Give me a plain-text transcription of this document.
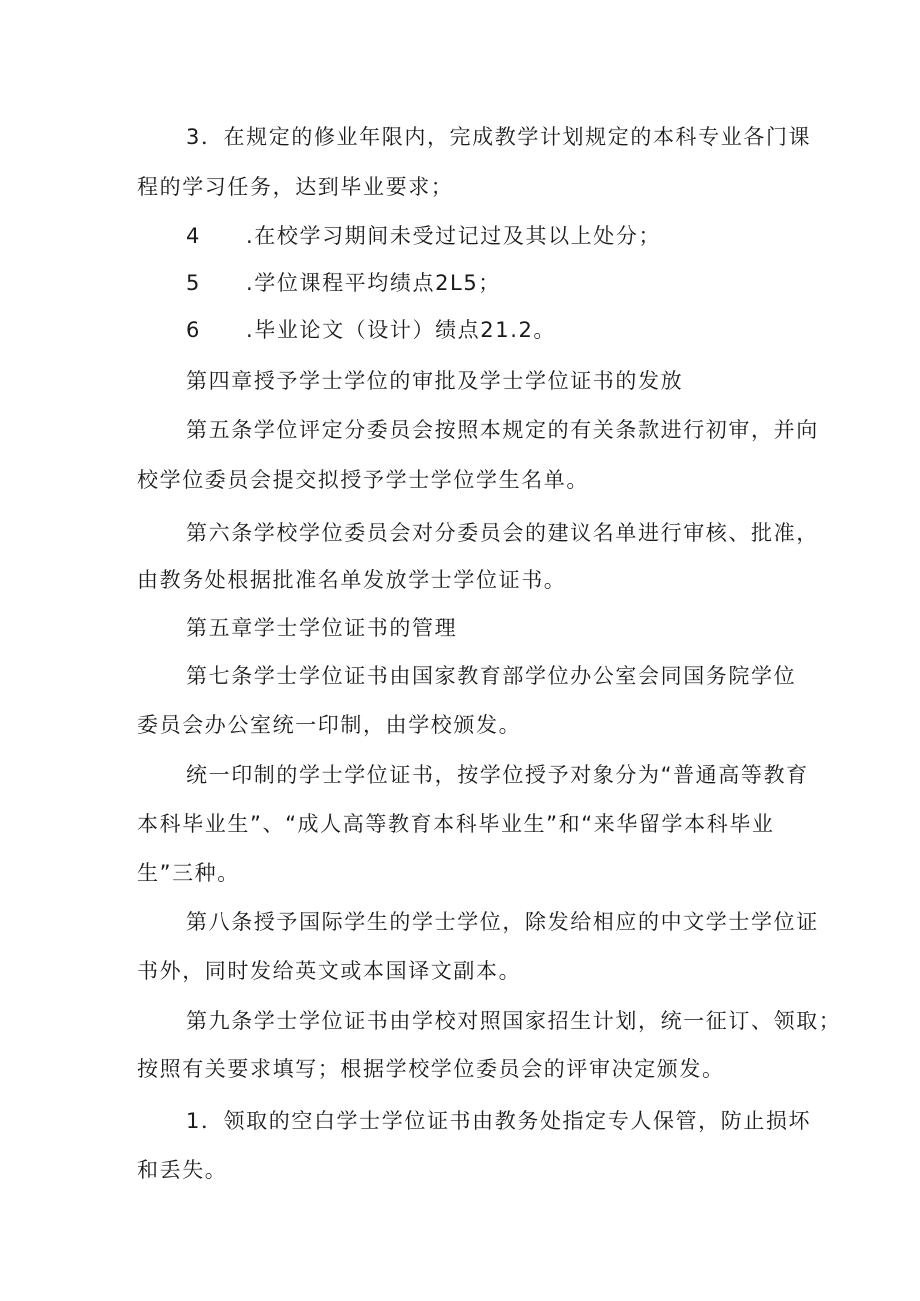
3．在规定的修业年限内，完成教学计划规定的本科专业各门课
程的学习任务，达到毕业要求；
4 .在校学习期间未受过记过及其以上处分；
5 .学位课程平均绩点2L5；
6 .毕业论文（设计）绩点21.2。
第四章授予学士学位的审批及学士学位证书的发放
第五条学位评定分委员会按照本规定的有关条款进行初审，并向
校学位委员会提交拟授予学士学位学生名单。
第六条学校学位委员会对分委员会的建议名单进行审核、批准，
由教务处根据批准名单发放学士学位证书。
第五章学士学位证书的管理
第七条学士学位证书由国家教育部学位办公室会同国务院学位
委员会办公室统一印制，由学校颁发。
统一印制的学士学位证书，按学位授予对象分为“普通高等教育
本科毕业生”、“成人高等教育本科毕业生”和“来华留学本科毕业
生”三种。
第八条授予国际学生的学士学位，除发给相应的中文学士学位证
书外，同时发给英文或本国译文副本。
第九条学士学位证书由学校对照国家招生计划，统一征订、领取；
按照有关要求填写；根据学校学位委员会的评审决定颁发。
1．领取的空白学士学位证书由教务处指定专人保管，防止损坏
和丢失。
